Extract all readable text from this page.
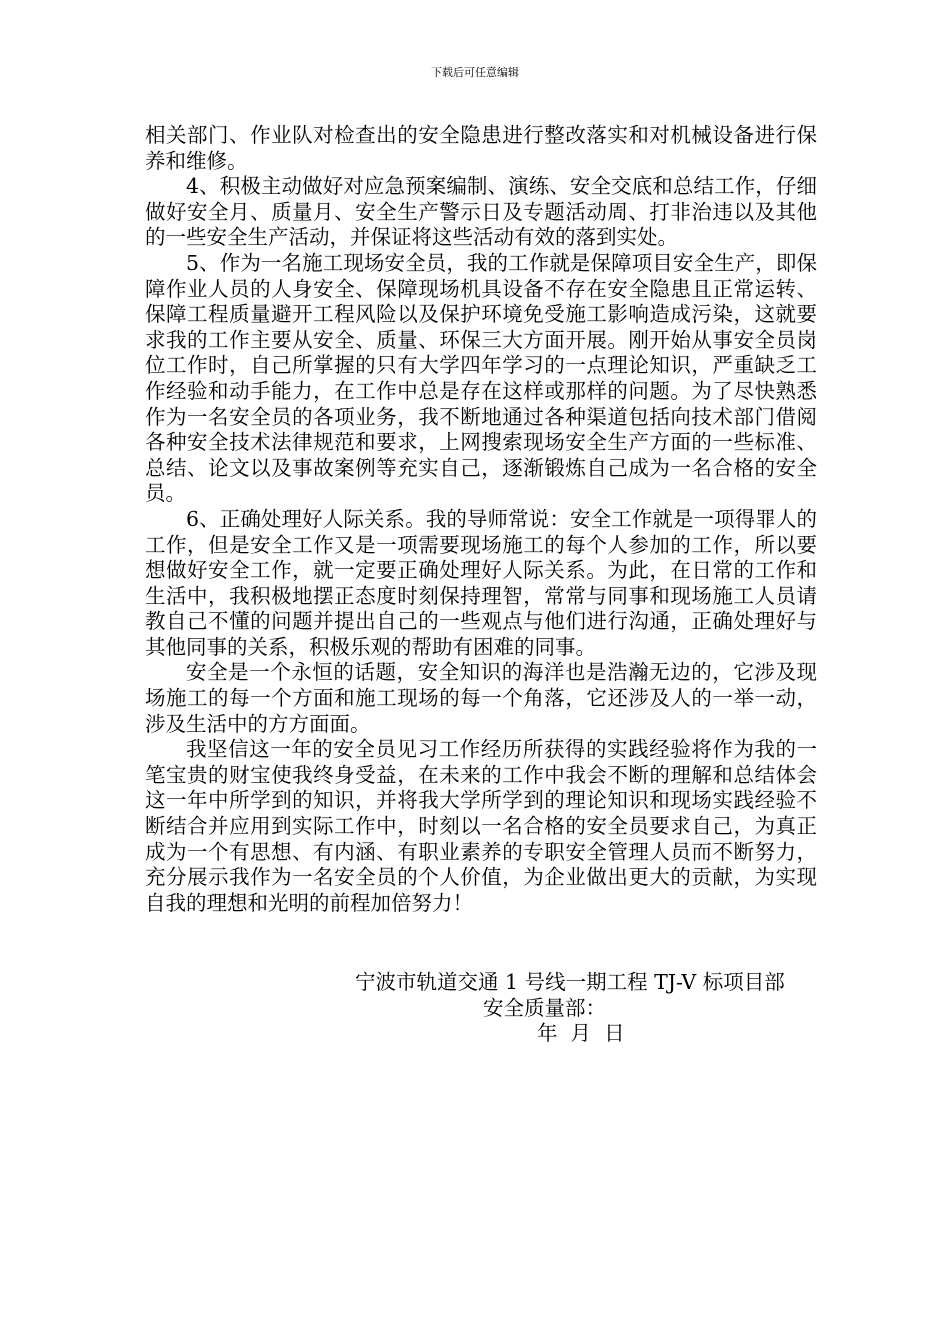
下载后可任意编辑

相关部门、作业队对检查出的安全隐患进行整改落实和对机械设备进行保养和维修。

4、积极主动做好对应急预案编制、演练、安全交底和总结工作，仔细做好安全月、质量月、安全生产警示日及专题活动周、打非治违以及其他的一些安全生产活动，并保证将这些活动有效的落到实处。

5、作为一名施工现场安全员，我的工作就是保障项目安全生产，即保障作业人员的人身安全、保障现场机具设备不存在安全隐患且正常运转、保障工程质量避开工程风险以及保护环境免受施工影响造成污染，这就要求我的工作主要从安全、质量、环保三大方面开展。刚开始从事安全员岗位工作时，自己所掌握的只有大学四年学习的一点理论知识，严重缺乏工作经验和动手能力，在工作中总是存在这样或那样的问题。为了尽快熟悉作为一名安全员的各项业务，我不断地通过各种渠道包括向技术部门借阅各种安全技术法律规范和要求，上网搜索现场安全生产方面的一些标准、总结、论文以及事故案例等充实自己，逐渐锻炼自己成为一名合格的安全员。

6、正确处理好人际关系。我的导师常说：安全工作就是一项得罪人的工作，但是安全工作又是一项需要现场施工的每个人参加的工作，所以要想做好安全工作，就一定要正确处理好人际关系。为此，在日常的工作和生活中，我积极地摆正态度时刻保持理智，常常与同事和现场施工人员请教自己不懂的问题并提出自己的一些观点与他们进行沟通，正确处理好与其他同事的关系，积极乐观的帮助有困难的同事。

安全是一个永恒的话题，安全知识的海洋也是浩瀚无边的，它涉及现场施工的每一个方面和施工现场的每一个角落，它还涉及人的一举一动，涉及生活中的方方面面。

我坚信这一年的安全员见习工作经历所获得的实践经验将作为我的一笔宝贵的财宝使我终身受益，在未来的工作中我会不断的理解和总结体会这一年中所学到的知识，并将我大学所学到的理论知识和现场实践经验不断结合并应用到实际工作中，时刻以一名合格的安全员要求自己，为真正成为一个有思想、有内涵、有职业素养的专职安全管理人员而不断努力，充分展示我作为一名安全员的个人价值，为企业做出更大的贡献，为实现自我的理想和光明的前程加倍努力！

宁波市轨道交通 1 号线一期工程 TJ-V 标项目部

安全质量部：

年  月  日
